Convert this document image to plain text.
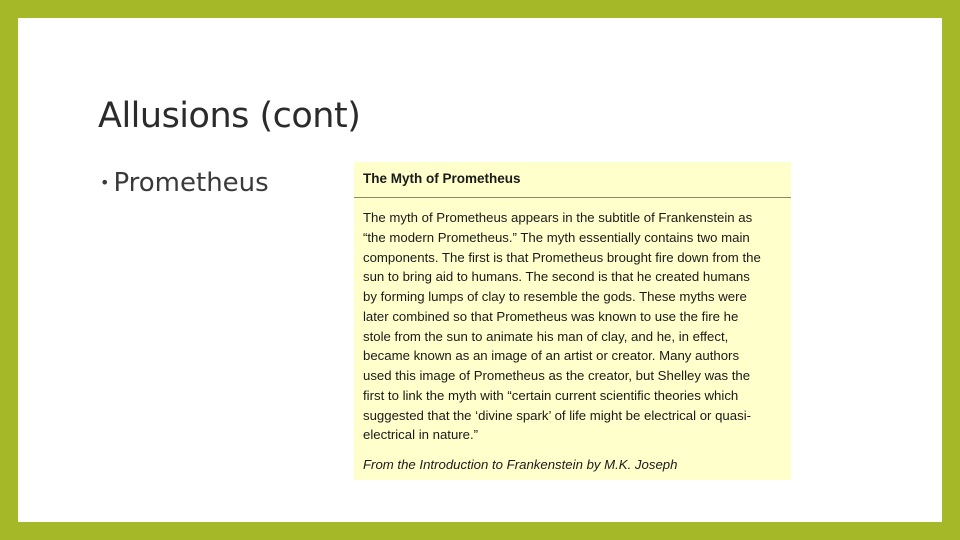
Allusions (cont)
• Prometheus	The Myth of Prometheus
The myth of Prometheus appears in the subtitle of Frankenstein as
“the modern Prometheus.” The myth essentially contains two main
components. The first is that Prometheus brought fire down from the
sun to bring aid to humans. The second is that he created humans
by forming lumps of clay to resemble the gods. These myths were
later combined so that Prometheus was known to use the fire he
stole from the sun to animate his man of clay, and he, in effect,
became known as an image of an artist or creator. Many authors
used this image of Prometheus as the creator, but Shelley was the
first to link the myth with “certain current scientific theories which
suggested that the ‘divine spark’ of life might be electrical or quasi-
electrical in nature.”
From the Introduction to Frankenstein by M.K. Joseph
